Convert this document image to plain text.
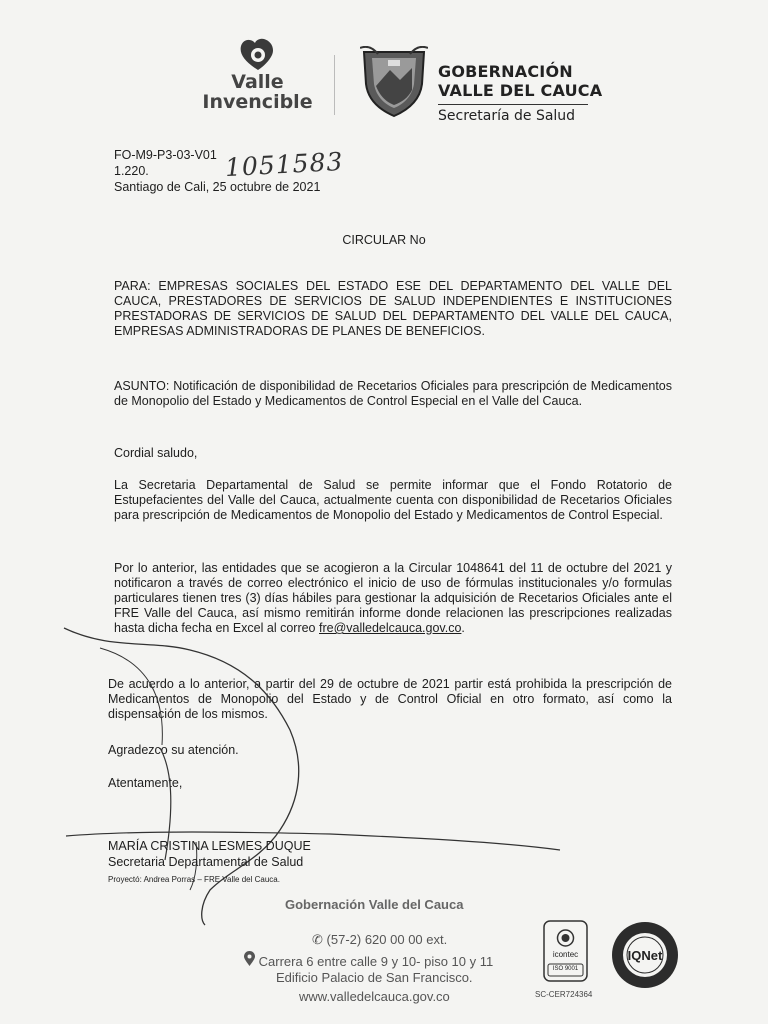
Valle
Invencible
GOBERNACIÓN
VALLE DEL CAUCA
Secretaría de Salud
FO-M9-P3-03-V01
1.220.	1051583
Santiago de Cali, 25 octubre de 2021
CIRCULAR No
PARA: EMPRESAS SOCIALES DEL ESTADO ESE DEL DEPARTAMENTO DEL VALLE DEL CAUCA, PRESTADORES DE SERVICIOS DE SALUD INDEPENDIENTES E INSTITUCIONES PRESTADORAS DE SERVICIOS DE SALUD DEL DEPARTAMENTO DEL VALLE DEL CAUCA, EMPRESAS ADMINISTRADORAS DE PLANES DE BENEFICIOS.
ASUNTO: Notificación de disponibilidad de Recetarios Oficiales para prescripción de Medicamentos de Monopolio del Estado y Medicamentos de Control Especial en el Valle del Cauca.
Cordial saludo,
La Secretaria Departamental de Salud se permite informar que el Fondo Rotatorio de Estupefacientes del Valle del Cauca, actualmente cuenta con disponibilidad de Recetarios Oficiales para prescripción de Medicamentos de Monopolio del Estado y Medicamentos de Control Especial.
Por lo anterior, las entidades que se acogieron a la Circular 1048641 del 11 de octubre del 2021 y notificaron a través de correo electrónico el inicio de uso de fórmulas institucionales y/o formulas particulares tienen tres (3) días hábiles para gestionar la adquisición de Recetarios Oficiales ante el FRE Valle del Cauca, así mismo remitirán informe donde relacionen las prescripciones realizadas hasta dicha fecha en Excel al correo fre@valledelcauca.gov.co.
De acuerdo a lo anterior, a partir del 29 de octubre de 2021 partir está prohibida la prescripción de Medicamentos de Monopolio del Estado y de Control Oficial en otro formato, así como la dispensación de los mismos.
Agradezco su atención.
Atentamente,
MARÍA CRISTINA LESMES DUQUE
Secretaria Departamental de Salud
Proyectó: Andrea Porras – FRE Valle del Cauca.
Gobernación Valle del Cauca
✆ (57-2) 620 00 00 ext.
Carrera 6 entre calle 9 y 10- piso 10 y 11
Edificio Palacio de San Francisco.
www.valledelcauca.gov.co
icontec
ISO 9001
SC-CER724364
IQNet
